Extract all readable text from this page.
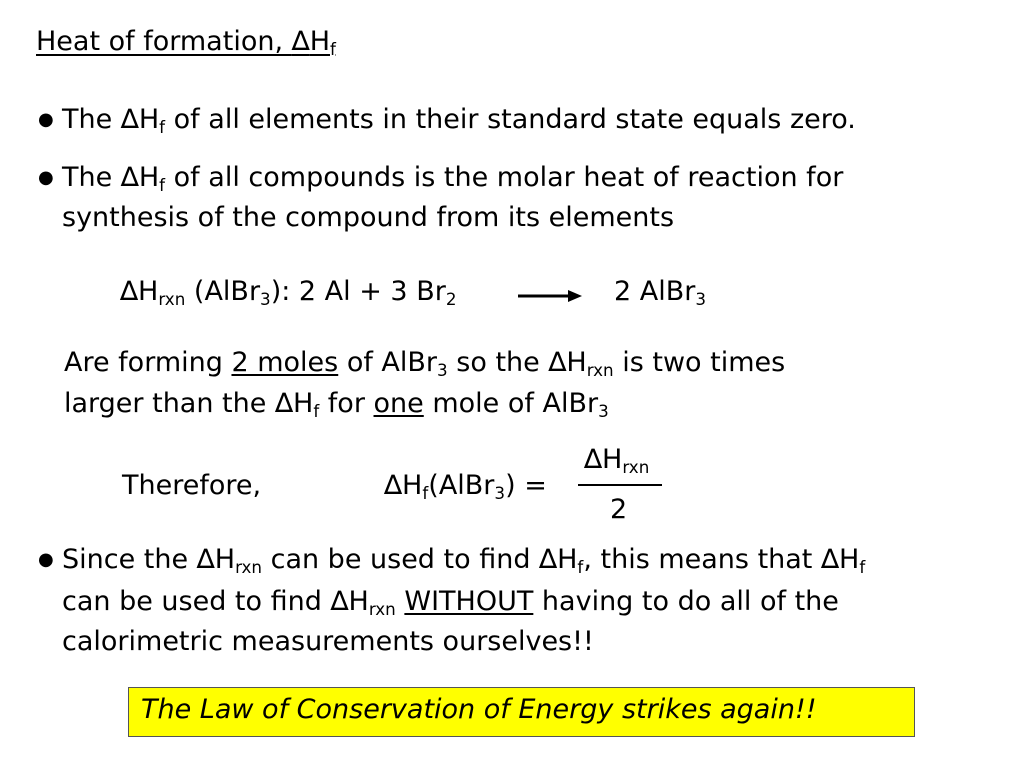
Heat of formation, $\Delta H_f$
● The $\Delta H_f$ of all elements in their standard state equals zero.
● The $\Delta H_f$ of all compounds is the molar heat of reaction for
synthesis of the compound from its elements
$\Delta H_{rxn}$ (AlBr$_3$): 2 Al + 3 $Br_2$	2 AlBr$_3$
Are forming 2 moles of AlBr$_3$ so the $\Delta H_{rxn}$ is two times
larger than the $\Delta H_f$ for one mole of AlBr$_3$
Therefore,	$\Delta H_f(AlBr_3)$ =
$\Delta H_{rxn}$
2
● Since the $\Delta H_{rxn}$ can be used to find $\Delta H_f$, this means that $\Delta H_f$
can be used to find $\Delta H_{rxn}$ WITHOUT having to do all of the
calorimetric measurements ourselves!!
The Law of Conservation of Energy strikes again!!
